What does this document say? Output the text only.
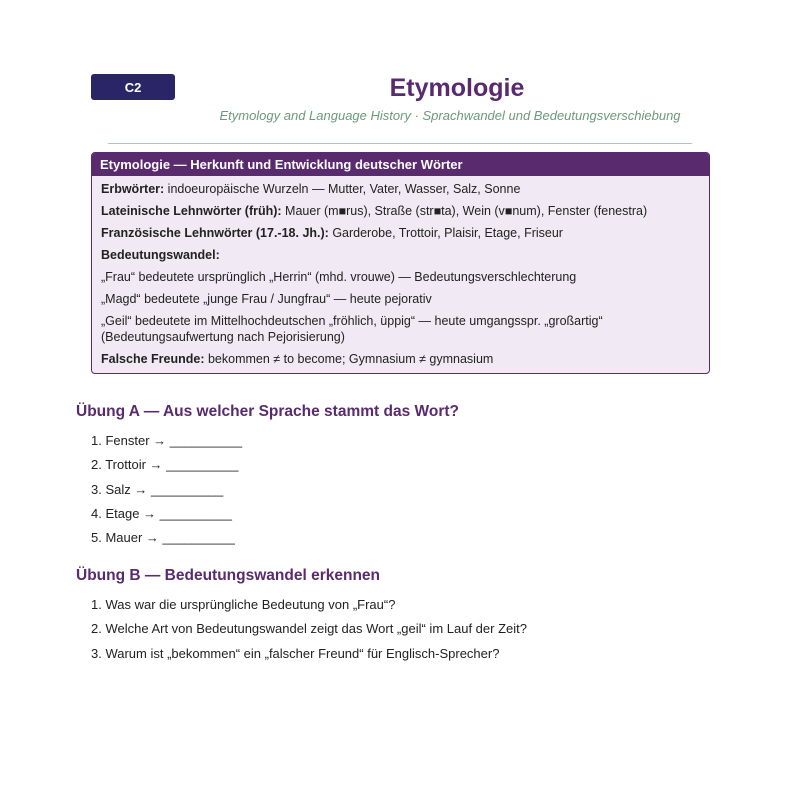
C2	Etymologie
Etymology and Language History · Sprachwandel und Bedeutungsverschiebung
Etymologie — Herkunft und Entwicklung deutscher Wörter
Erbwörter: indoeuropäische Wurzeln — Mutter, Vater, Wasser, Salz, Sonne
Lateinische Lehnwörter (früh): Mauer (m■rus), Straße (str■ta), Wein (v■num), Fenster (fenestra)
Französische Lehnwörter (17.-18. Jh.): Garderobe, Trottoir, Plaisir, Etage, Friseur
Bedeutungswandel:
„Frau“ bedeutete ursprünglich „Herrin“ (mhd. vrouwe) — Bedeutungsverschlechterung
„Magd“ bedeutete „junge Frau / Jungfrau“ — heute pejorativ
„Geil“ bedeutete im Mittelhochdeutschen „fröhlich, üppig“ — heute umgangsspr. „großartig“ (Bedeutungsaufwertung nach Pejorisierung)
Falsche Freunde: bekommen ≠ to become; Gymnasium ≠ gymnasium
Übung A — Aus welcher Sprache stammt das Wort?
1. Fenster → __________
2. Trottoir → __________
3. Salz → __________
4. Etage → __________
5. Mauer → __________
Übung B — Bedeutungswandel erkennen
1. Was war die ursprüngliche Bedeutung von „Frau“?
2. Welche Art von Bedeutungswandel zeigt das Wort „geil“ im Lauf der Zeit?
3. Warum ist „bekommen“ ein „falscher Freund“ für Englisch-Sprecher?
